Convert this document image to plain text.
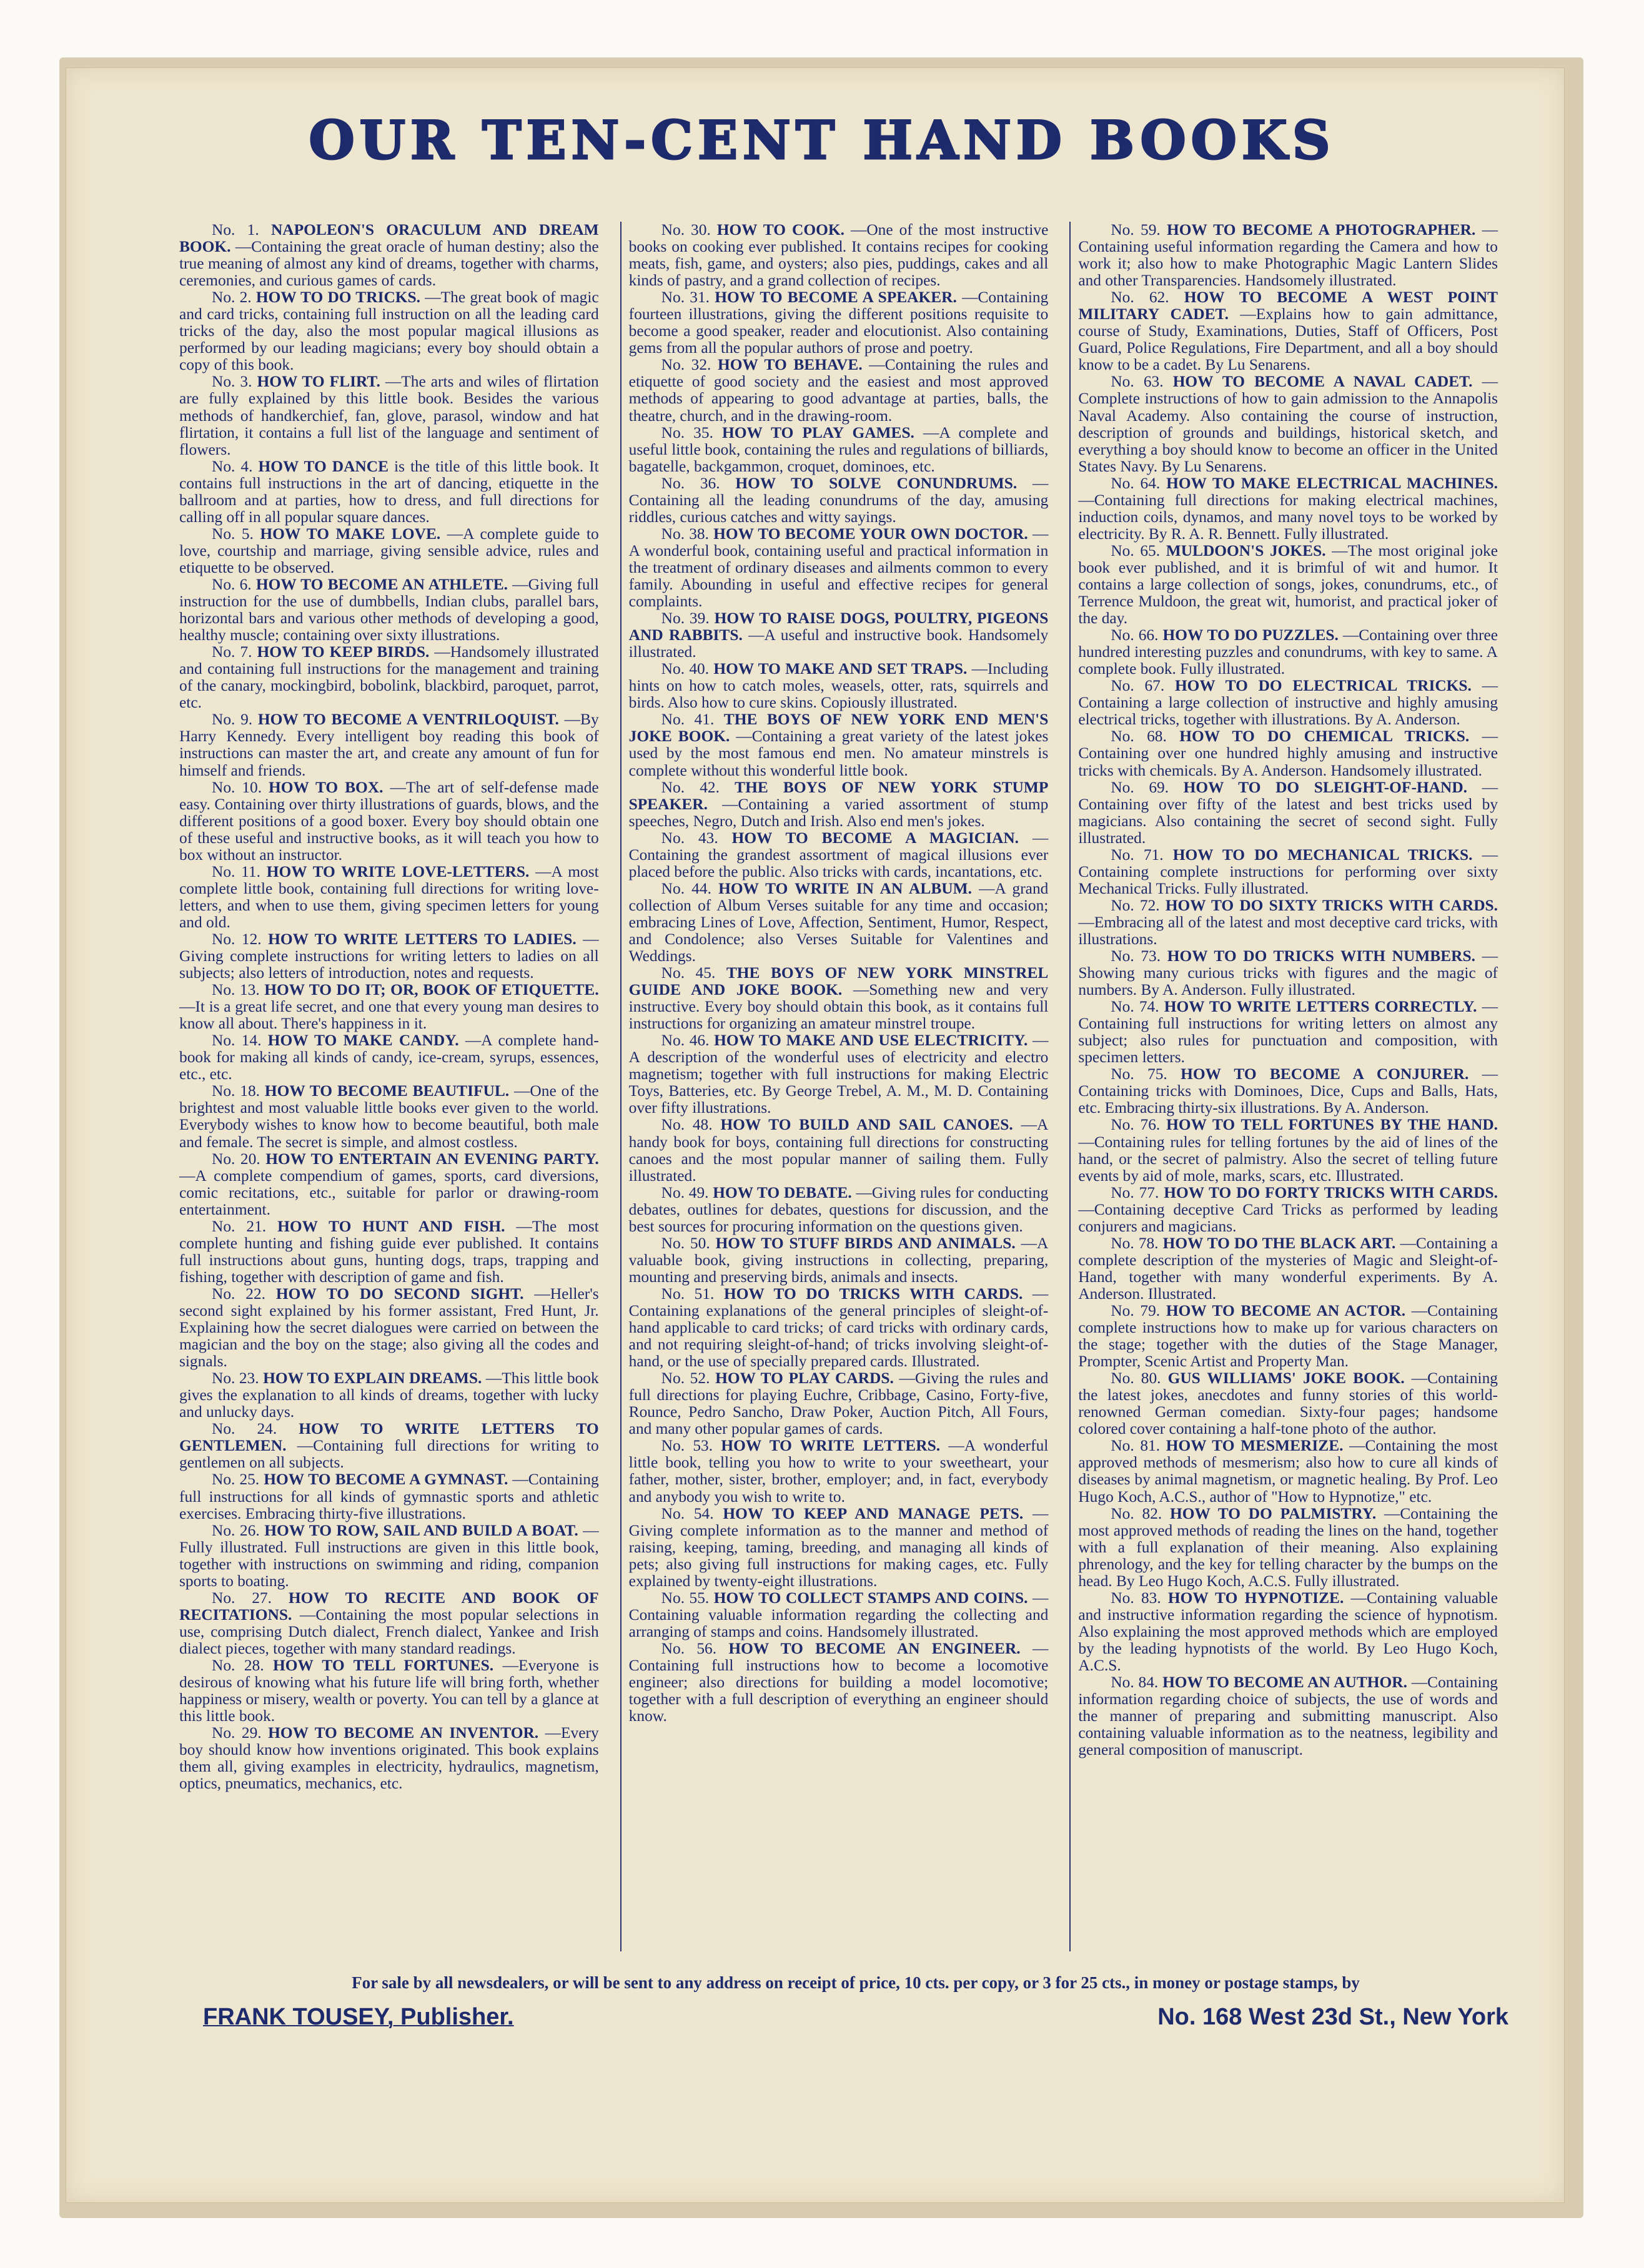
OUR TEN-CENT HAND BOOKS

No. 1. NAPOLEON'S ORACULUM AND DREAM BOOK. —Containing the great oracle of human destiny; also the true meaning of almost any kind of dreams, together with charms, ceremonies, and curious games of cards.

No. 2. HOW TO DO TRICKS. —The great book of magic and card tricks, containing full instruction on all the leading card tricks of the day, also the most popular magical illusions as performed by our leading magicians; every boy should obtain a copy of this book.

No. 3. HOW TO FLIRT. —The arts and wiles of flirtation are fully explained by this little book. Besides the various methods of handkerchief, fan, glove, parasol, window and hat flirtation, it contains a full list of the language and sentiment of flowers.

No. 4. HOW TO DANCE is the title of this little book. It contains full instructions in the art of dancing, etiquette in the ballroom and at parties, how to dress, and full directions for calling off in all popular square dances.

No. 5. HOW TO MAKE LOVE. —A complete guide to love, courtship and marriage, giving sensible advice, rules and etiquette to be observed.

No. 6. HOW TO BECOME AN ATHLETE. —Giving full instruction for the use of dumbbells, Indian clubs, parallel bars, horizontal bars and various other methods of developing a good, healthy muscle; containing over sixty illustrations.

No. 7. HOW TO KEEP BIRDS. —Handsomely illustrated and containing full instructions for the management and training of the canary, mockingbird, bobolink, blackbird, paroquet, parrot, etc.

No. 9. HOW TO BECOME A VENTRILOQUIST. —By Harry Kennedy. Every intelligent boy reading this book of instructions can master the art, and create any amount of fun for himself and friends.

No. 10. HOW TO BOX. —The art of self-defense made easy. Containing over thirty illustrations of guards, blows, and the different positions of a good boxer. Every boy should obtain one of these useful and instructive books, as it will teach you how to box without an instructor.

No. 11. HOW TO WRITE LOVE-LETTERS. —A most complete little book, containing full directions for writing love-letters, and when to use them, giving specimen letters for young and old.

No. 12. HOW TO WRITE LETTERS TO LADIES. —Giving complete instructions for writing letters to ladies on all subjects; also letters of introduction, notes and requests.

No. 13. HOW TO DO IT; OR, BOOK OF ETIQUETTE. —It is a great life secret, and one that every young man desires to know all about. There's happiness in it.

No. 14. HOW TO MAKE CANDY. —A complete hand-book for making all kinds of candy, ice-cream, syrups, essences, etc., etc.

No. 18. HOW TO BECOME BEAUTIFUL. —One of the brightest and most valuable little books ever given to the world. Everybody wishes to know how to become beautiful, both male and female. The secret is simple, and almost costless.

No. 20. HOW TO ENTERTAIN AN EVENING PARTY. —A complete compendium of games, sports, card diversions, comic recitations, etc., suitable for parlor or drawing-room entertainment.

No. 21. HOW TO HUNT AND FISH. —The most complete hunting and fishing guide ever published. It contains full instructions about guns, hunting dogs, traps, trapping and fishing, together with description of game and fish.

No. 22. HOW TO DO SECOND SIGHT. —Heller's second sight explained by his former assistant, Fred Hunt, Jr. Explaining how the secret dialogues were carried on between the magician and the boy on the stage; also giving all the codes and signals.

No. 23. HOW TO EXPLAIN DREAMS. —This little book gives the explanation to all kinds of dreams, together with lucky and unlucky days.

No. 24. HOW TO WRITE LETTERS TO GENTLEMEN. —Containing full directions for writing to gentlemen on all subjects.

No. 25. HOW TO BECOME A GYMNAST. —Containing full instructions for all kinds of gymnastic sports and athletic exercises. Embracing thirty-five illustrations.

No. 26. HOW TO ROW, SAIL AND BUILD A BOAT. —Fully illustrated. Full instructions are given in this little book, together with instructions on swimming and riding, companion sports to boating.

No. 27. HOW TO RECITE AND BOOK OF RECITATIONS. —Containing the most popular selections in use, comprising Dutch dialect, French dialect, Yankee and Irish dialect pieces, together with many standard readings.

No. 28. HOW TO TELL FORTUNES. —Everyone is desirous of knowing what his future life will bring forth, whether happiness or misery, wealth or poverty. You can tell by a glance at this little book.

No. 29. HOW TO BECOME AN INVENTOR. —Every boy should know how inventions originated. This book explains them all, giving examples in electricity, hydraulics, magnetism, optics, pneumatics, mechanics, etc.

No. 30. HOW TO COOK. —One of the most instructive books on cooking ever published. It contains recipes for cooking meats, fish, game, and oysters; also pies, puddings, cakes and all kinds of pastry, and a grand collection of recipes.

No. 31. HOW TO BECOME A SPEAKER. —Containing fourteen illustrations, giving the different positions requisite to become a good speaker, reader and elocutionist. Also containing gems from all the popular authors of prose and poetry.

No. 32. HOW TO BEHAVE. —Containing the rules and etiquette of good society and the easiest and most approved methods of appearing to good advantage at parties, balls, the theatre, church, and in the drawing-room.

No. 35. HOW TO PLAY GAMES. —A complete and useful little book, containing the rules and regulations of billiards, bagatelle, backgammon, croquet, dominoes, etc.

No. 36. HOW TO SOLVE CONUNDRUMS. —Containing all the leading conundrums of the day, amusing riddles, curious catches and witty sayings.

No. 38. HOW TO BECOME YOUR OWN DOCTOR. —A wonderful book, containing useful and practical information in the treatment of ordinary diseases and ailments common to every family. Abounding in useful and effective recipes for general complaints.

No. 39. HOW TO RAISE DOGS, POULTRY, PIGEONS AND RABBITS. —A useful and instructive book. Handsomely illustrated.

No. 40. HOW TO MAKE AND SET TRAPS. —Including hints on how to catch moles, weasels, otter, rats, squirrels and birds. Also how to cure skins. Copiously illustrated.

No. 41. THE BOYS OF NEW YORK END MEN'S JOKE BOOK. —Containing a great variety of the latest jokes used by the most famous end men. No amateur minstrels is complete without this wonderful little book.

No. 42. THE BOYS OF NEW YORK STUMP SPEAKER. —Containing a varied assortment of stump speeches, Negro, Dutch and Irish. Also end men's jokes.

No. 43. HOW TO BECOME A MAGICIAN. —Containing the grandest assortment of magical illusions ever placed before the public. Also tricks with cards, incantations, etc.

No. 44. HOW TO WRITE IN AN ALBUM. —A grand collection of Album Verses suitable for any time and occasion; embracing Lines of Love, Affection, Sentiment, Humor, Respect, and Condolence; also Verses Suitable for Valentines and Weddings.

No. 45. THE BOYS OF NEW YORK MINSTREL GUIDE AND JOKE BOOK. —Something new and very instructive. Every boy should obtain this book, as it contains full instructions for organizing an amateur minstrel troupe.

No. 46. HOW TO MAKE AND USE ELECTRICITY. —A description of the wonderful uses of electricity and electro magnetism; together with full instructions for making Electric Toys, Batteries, etc. By George Trebel, A. M., M. D. Containing over fifty illustrations.

No. 48. HOW TO BUILD AND SAIL CANOES. —A handy book for boys, containing full directions for constructing canoes and the most popular manner of sailing them. Fully illustrated.

No. 49. HOW TO DEBATE. —Giving rules for conducting debates, outlines for debates, questions for discussion, and the best sources for procuring information on the questions given.

No. 50. HOW TO STUFF BIRDS AND ANIMALS. —A valuable book, giving instructions in collecting, preparing, mounting and preserving birds, animals and insects.

No. 51. HOW TO DO TRICKS WITH CARDS. —Containing explanations of the general principles of sleight-of-hand applicable to card tricks; of card tricks with ordinary cards, and not requiring sleight-of-hand; of tricks involving sleight-of-hand, or the use of specially prepared cards. Illustrated.

No. 52. HOW TO PLAY CARDS. —Giving the rules and full directions for playing Euchre, Cribbage, Casino, Forty-five, Rounce, Pedro Sancho, Draw Poker, Auction Pitch, All Fours, and many other popular games of cards.

No. 53. HOW TO WRITE LETTERS. —A wonderful little book, telling you how to write to your sweetheart, your father, mother, sister, brother, employer; and, in fact, everybody and anybody you wish to write to.

No. 54. HOW TO KEEP AND MANAGE PETS. —Giving complete information as to the manner and method of raising, keeping, taming, breeding, and managing all kinds of pets; also giving full instructions for making cages, etc. Fully explained by twenty-eight illustrations.

No. 55. HOW TO COLLECT STAMPS AND COINS. —Containing valuable information regarding the collecting and arranging of stamps and coins. Handsomely illustrated.

No. 56. HOW TO BECOME AN ENGINEER. —Containing full instructions how to become a locomotive engineer; also directions for building a model locomotive; together with a full description of everything an engineer should know.

No. 59. HOW TO BECOME A PHOTOGRAPHER. —Containing useful information regarding the Camera and how to work it; also how to make Photographic Magic Lantern Slides and other Transparencies. Handsomely illustrated.

No. 62. HOW TO BECOME A WEST POINT MILITARY CADET. —Explains how to gain admittance, course of Study, Examinations, Duties, Staff of Officers, Post Guard, Police Regulations, Fire Department, and all a boy should know to be a cadet. By Lu Senarens.

No. 63. HOW TO BECOME A NAVAL CADET. —Complete instructions of how to gain admission to the Annapolis Naval Academy. Also containing the course of instruction, description of grounds and buildings, historical sketch, and everything a boy should know to become an officer in the United States Navy. By Lu Senarens.

No. 64. HOW TO MAKE ELECTRICAL MACHINES. —Containing full directions for making electrical machines, induction coils, dynamos, and many novel toys to be worked by electricity. By R. A. R. Bennett. Fully illustrated.

No. 65. MULDOON'S JOKES. —The most original joke book ever published, and it is brimful of wit and humor. It contains a large collection of songs, jokes, conundrums, etc., of Terrence Muldoon, the great wit, humorist, and practical joker of the day.

No. 66. HOW TO DO PUZZLES. —Containing over three hundred interesting puzzles and conundrums, with key to same. A complete book. Fully illustrated.

No. 67. HOW TO DO ELECTRICAL TRICKS. —Containing a large collection of instructive and highly amusing electrical tricks, together with illustrations. By A. Anderson.

No. 68. HOW TO DO CHEMICAL TRICKS. —Containing over one hundred highly amusing and instructive tricks with chemicals. By A. Anderson. Handsomely illustrated.

No. 69. HOW TO DO SLEIGHT-OF-HAND. —Containing over fifty of the latest and best tricks used by magicians. Also containing the secret of second sight. Fully illustrated.

No. 71. HOW TO DO MECHANICAL TRICKS. —Containing complete instructions for performing over sixty Mechanical Tricks. Fully illustrated.

No. 72. HOW TO DO SIXTY TRICKS WITH CARDS. —Embracing all of the latest and most deceptive card tricks, with illustrations.

No. 73. HOW TO DO TRICKS WITH NUMBERS. —Showing many curious tricks with figures and the magic of numbers. By A. Anderson. Fully illustrated.

No. 74. HOW TO WRITE LETTERS CORRECTLY. —Containing full instructions for writing letters on almost any subject; also rules for punctuation and composition, with specimen letters.

No. 75. HOW TO BECOME A CONJURER. —Containing tricks with Dominoes, Dice, Cups and Balls, Hats, etc. Embracing thirty-six illustrations. By A. Anderson.

No. 76. HOW TO TELL FORTUNES BY THE HAND. —Containing rules for telling fortunes by the aid of lines of the hand, or the secret of palmistry. Also the secret of telling future events by aid of mole, marks, scars, etc. Illustrated.

No. 77. HOW TO DO FORTY TRICKS WITH CARDS. —Containing deceptive Card Tricks as performed by leading conjurers and magicians.

No. 78. HOW TO DO THE BLACK ART. —Containing a complete description of the mysteries of Magic and Sleight-of-Hand, together with many wonderful experiments. By A. Anderson. Illustrated.

No. 79. HOW TO BECOME AN ACTOR. —Containing complete instructions how to make up for various characters on the stage; together with the duties of the Stage Manager, Prompter, Scenic Artist and Property Man.

No. 80. GUS WILLIAMS' JOKE BOOK. —Containing the latest jokes, anecdotes and funny stories of this world-renowned German comedian. Sixty-four pages; handsome colored cover containing a half-tone photo of the author.

No. 81. HOW TO MESMERIZE. —Containing the most approved methods of mesmerism; also how to cure all kinds of diseases by animal magnetism, or magnetic healing. By Prof. Leo Hugo Koch, A.C.S., author of "How to Hypnotize," etc.

No. 82. HOW TO DO PALMISTRY. —Containing the most approved methods of reading the lines on the hand, together with a full explanation of their meaning. Also explaining phrenology, and the key for telling character by the bumps on the head. By Leo Hugo Koch, A.C.S. Fully illustrated.

No. 83. HOW TO HYPNOTIZE. —Containing valuable and instructive information regarding the science of hypnotism. Also explaining the most approved methods which are employed by the leading hypnotists of the world. By Leo Hugo Koch, A.C.S.

No. 84. HOW TO BECOME AN AUTHOR. —Containing information regarding choice of subjects, the use of words and the manner of preparing and submitting manuscript. Also containing valuable information as to the neatness, legibility and general composition of manuscript.

For sale by all newsdealers, or will be sent to any address on receipt of price, 10 cts. per copy, or 3 for 25 cts., in money or postage stamps, by

FRANK TOUSEY, Publisher.	No. 168 West 23d St., New York
